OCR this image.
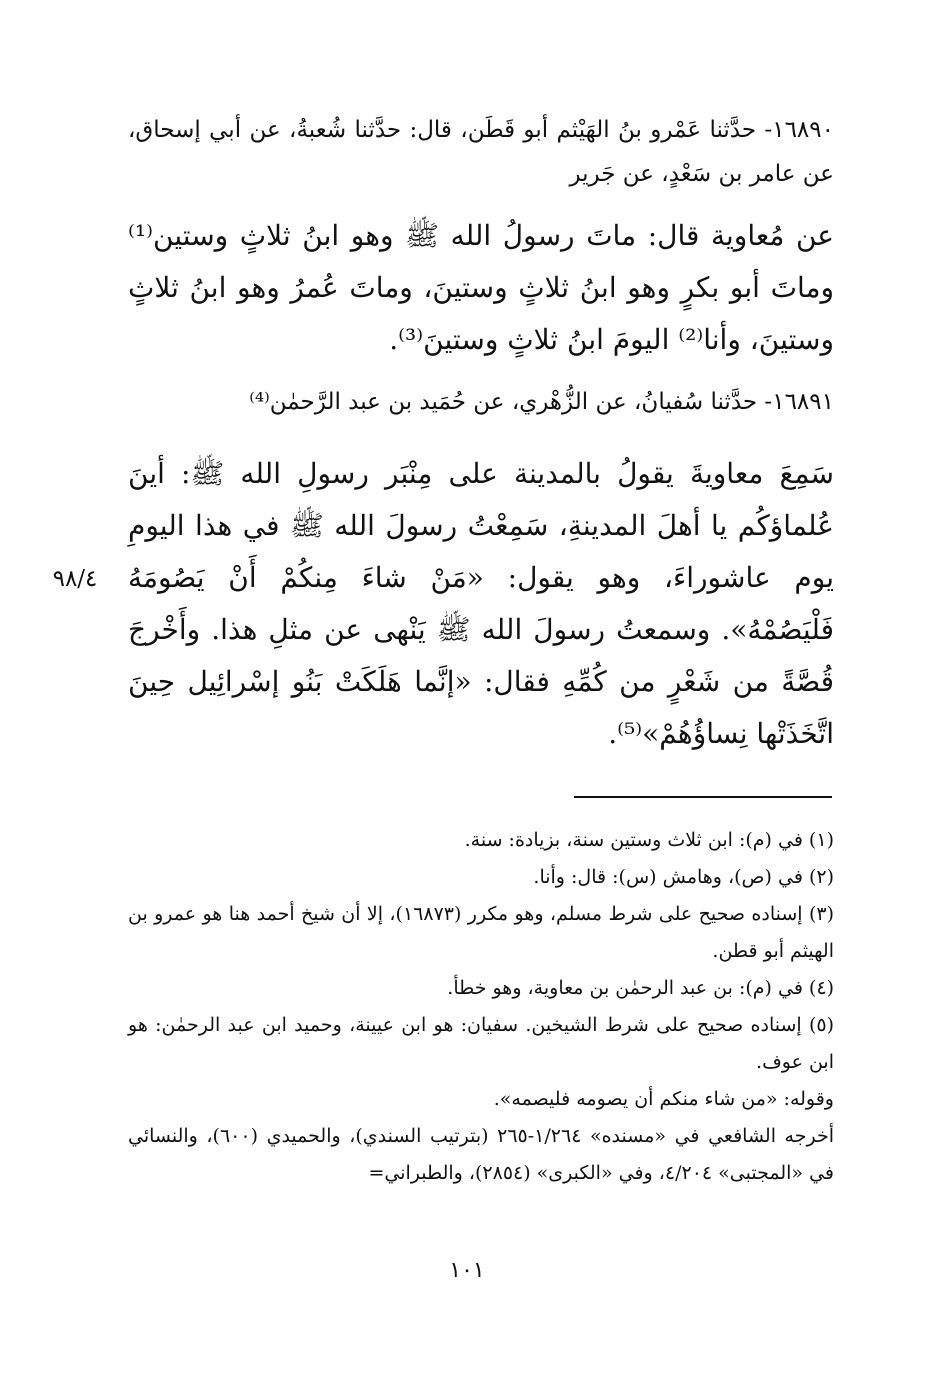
١٦٨٩٠- حدَّثنا عَمْرو بنُ الهَيْثم أبو قَطَن، قال: حدَّثنا شُعبةُ، عن أبي إسحاق، عن عامر بن سَعْدٍ، عن جَرير

عن مُعاوية قال: ماتَ رسولُ الله ﷺ وهو ابنُ ثلاثٍ وستين⁽¹⁾ وماتَ أبو بكرٍ وهو ابنُ ثلاثٍ وستينَ، وماتَ عُمرُ وهو ابنُ ثلاثٍ وستينَ، وأنا⁽²⁾ اليومَ ابنُ ثلاثٍ وستينَ⁽³⁾.

١٦٨٩١- حدَّثنا سُفيانُ، عن الزُّهْري، عن حُمَيد بن عبد الرَّحمٰن⁽⁴⁾

سَمِعَ معاويةَ يقولُ بالمدينة على مِنْبَر رسولِ الله ﷺ: أينَ عُلماؤكُم يا أهلَ المدينةِ، سَمِعْتُ رسولَ الله ﷺ في هذا اليومِ يوم عاشوراءَ، وهو يقول: «مَنْ شاءَ مِنكُمْ أَنْ يَصُومَهُ فَلْيَصُمْهُ». وسمعتُ رسولَ الله ﷺ يَنْهى عن مثلِ هذا. وأَخْرجَ قُصَّةً من شَعْرٍ من كُمِّهِ فقال: «إنَّما هَلَكَتْ بَنُو إسْرائِيل حِينَ اتَّخَذَتْها نِساؤُهُمْ»⁽⁵⁾.

٩٨/٤

(١) في (م): ابن ثلاث وستين سنة، بزيادة: سنة.

(٢) في (ص)، وهامش (س): قال: وأنا.

(٣) إسناده صحيح على شرط مسلم، وهو مكرر (١٦٨٧٣)، إلا أن شيخ أحمد هنا هو عمرو بن الهيثم أبو قطن.

(٤) في (م): بن عبد الرحمٰن بن معاوية، وهو خطأ.

(٥) إسناده صحيح على شرط الشيخين. سفيان: هو ابن عيينة، وحميد ابن عبد الرحمٰن: هو ابن عوف.

وقوله: «من شاء منكم أن يصومه فليصمه».

أخرجه الشافعي في «مسنده» ١/٢٦٤-٢٦٥ (بترتيب السندي)، والحميدي (٦٠٠)، والنسائي في «المجتبى» ٤/٢٠٤، وفي «الكبرى» (٢٨٥٤)، والطبراني=

١٠١
